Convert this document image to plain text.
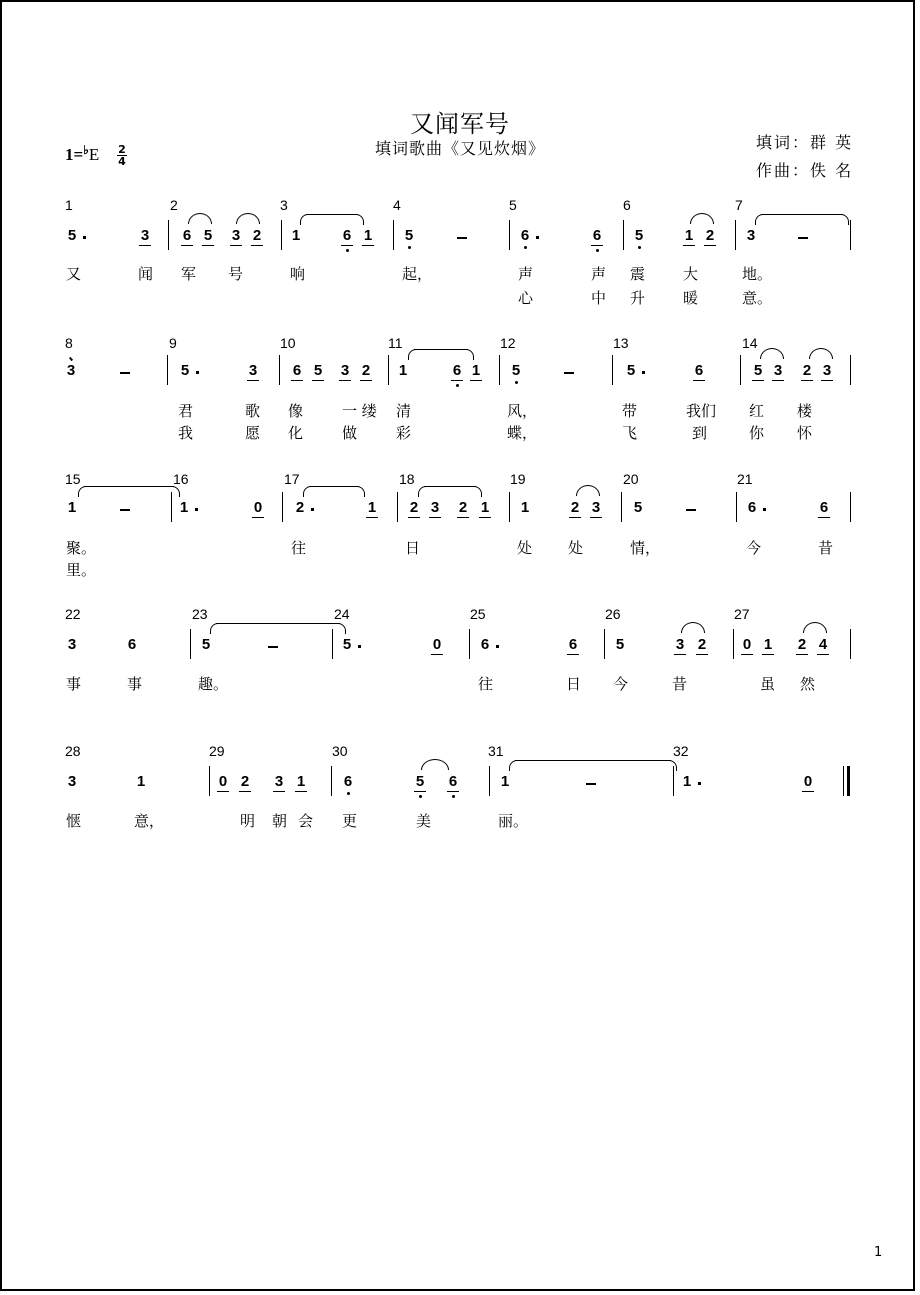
又闻军号
填词歌曲《又见炊烟》	填词：群 英
作曲：佚 名
1=♭E 2
4
1	2	3	4	5	6	7
5	3 6 5 3 2 1	6 1 5	6	6 5	1 2 3
又	闻 军 号	响	起，	声	声 震	大	地。
心	中 升	暖	意。
8	9	10	11	12	13	14
3	5	3 6 5 3 2 1	6 1 5	5	6	5 3 2 3
君	歌 像	一 缕 清	风，	带	我们 红 楼
我	愿 化	做	彩	蝶，	飞	到	你 怀
15	16	17	18	19	20	21
1	1	0 2	1 2 3 2 1 1	2 3 5	6	6
聚。	往	日	处 处	情，	今	昔
里。
22	23	24	25	26	27
3	6	5	5	0	6	6	5	3 2 0 1 2 4
事	事	趣。	往	日 今	昔	虽 然
28	29	30	31	32
3	1	0 2 3 1	6	5 6	1	1	0
惬	意，	明 朝 会 更	美	丽。
1
